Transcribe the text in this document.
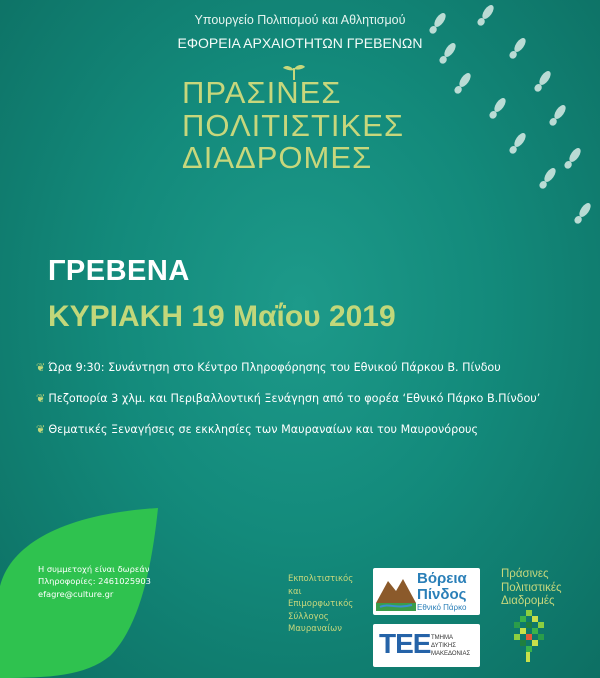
Υπουργείο Πολιτισμού και Αθλητισμού
ΕΦΟΡΕΙΑ ΑΡΧΑΙΟΤΗΤΩΝ ΓΡΕΒΕΝΩΝ
ΠΡΑΣΙΝΕΣ
ΠΟΛΙΤΙΣΤΙΚΕΣ
ΔΙΑΔΡΟΜΕΣ
ΓΡΕΒΕΝΑ
ΚΥΡΙΑΚΗ 19 Μαΐου 2019
❦ Ώρα 9:30: Συνάντηση στο Κέντρο Πληροφόρησης του Εθνικού Πάρκου Β. Πίνδου
❦ Πεζοπορία 3 χλμ. και Περιβαλλοντική Ξενάγηση από το φορέα ‘Εθνικό Πάρκο Β.Πίνδου’
❦ Θεματικές Ξεναγήσεις σε εκκλησίες των Μαυραναίων και του Μαυρονόρους
Η συμμετοχή είναι δωρεάν
Πληροφορίες: 2461025903
efagre@culture.gr
Εκπολιτιστικός
και
Επιμορφωτικός
Σύλλογος
Μαυραναίων
Βόρεια
Πίνδος
Εθνικό Πάρκο
ΤΕΕ ΤΜΗΜΑ
ΔΥΤΙΚΗΣ
ΜΑΚΕΔΟΝΙΑΣ
Πράσινες
Πολιτιστικές
Διαδρομές
